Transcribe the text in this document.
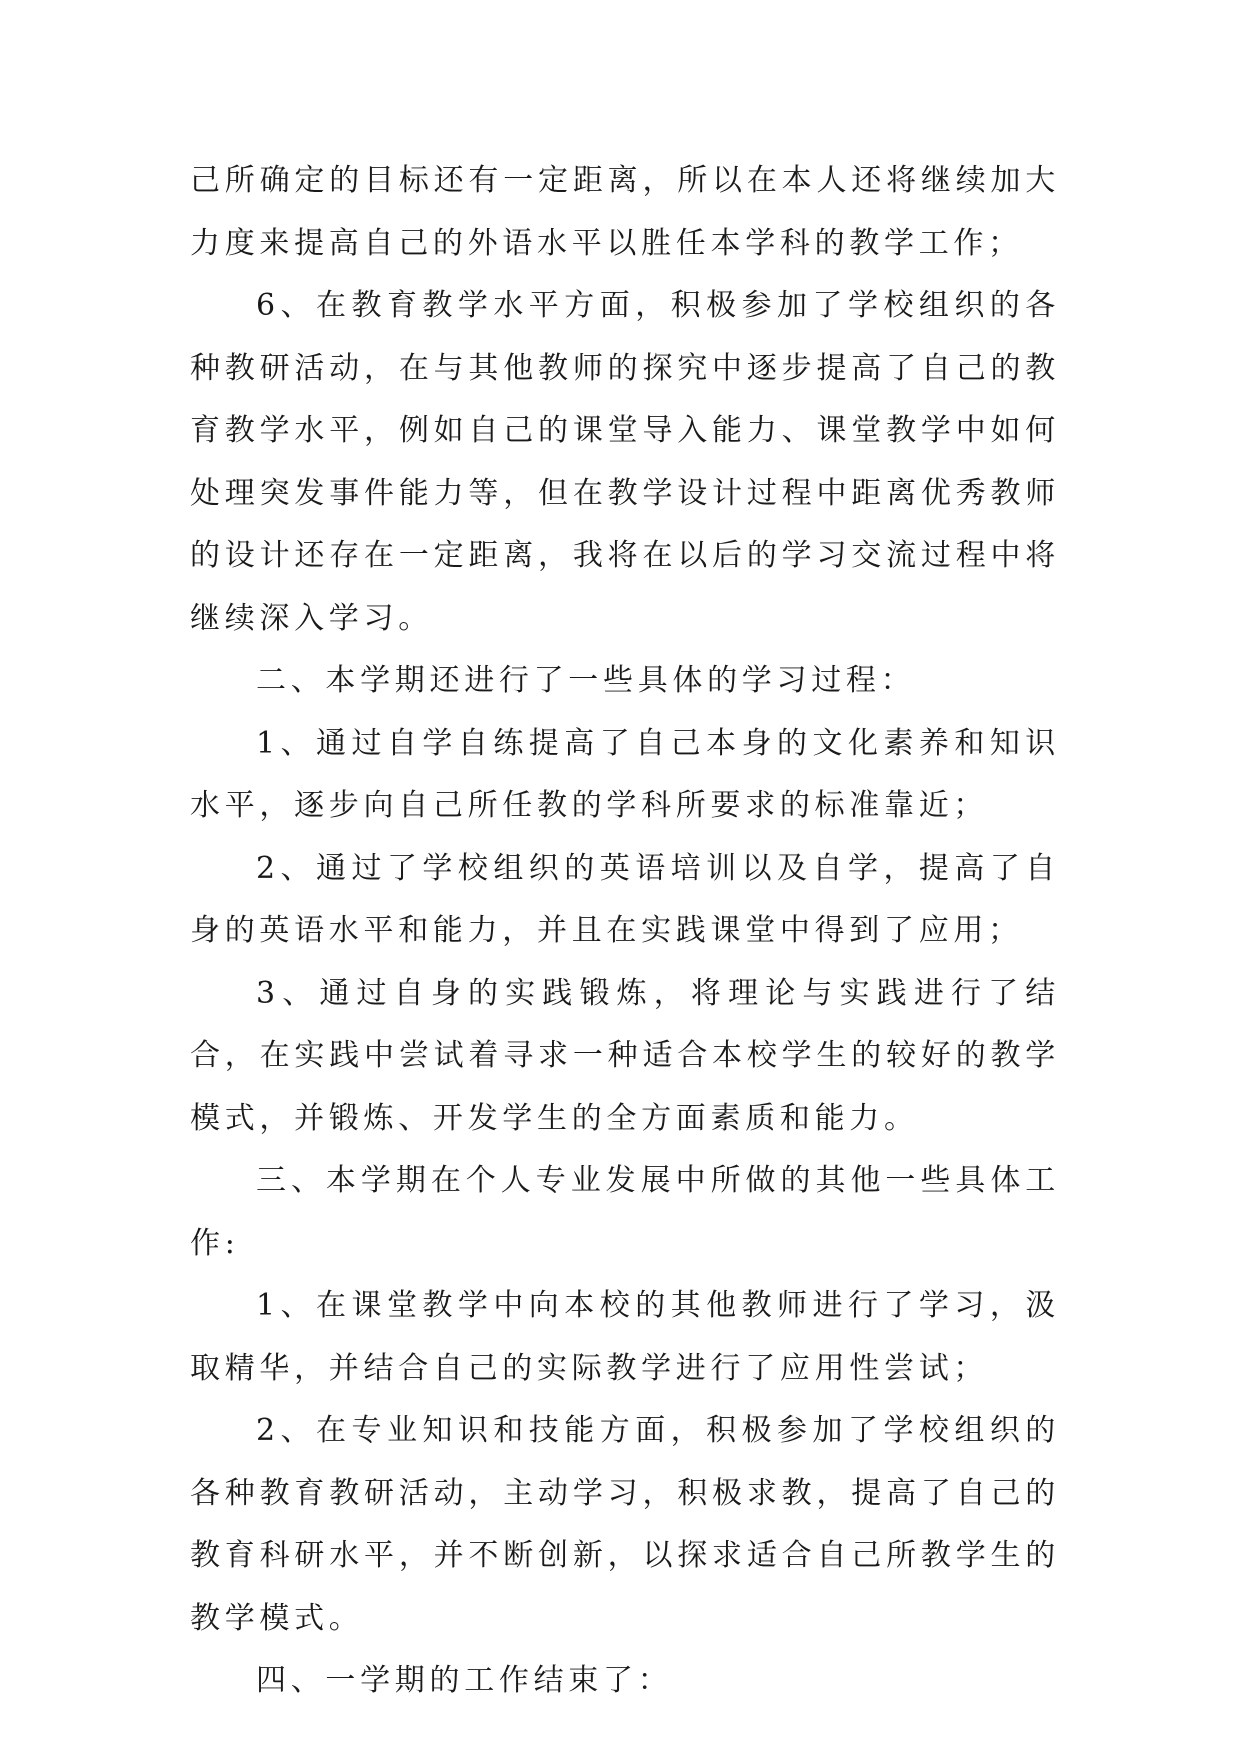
己所确定的目标还有一定距离，所以在本人还将继续加大力度来提高自己的外语水平以胜任本学科的教学工作；

6、在教育教学水平方面，积极参加了学校组织的各种教研活动，在与其他教师的探究中逐步提高了自己的教育教学水平，例如自己的课堂导入能力、课堂教学中如何处理突发事件能力等，但在教学设计过程中距离优秀教师的设计还存在一定距离，我将在以后的学习交流过程中将继续深入学习。

二、本学期还进行了一些具体的学习过程：

1、通过自学自练提高了自己本身的文化素养和知识水平，逐步向自己所任教的学科所要求的标准靠近；

2、通过了学校组织的英语培训以及自学，提高了自身的英语水平和能力，并且在实践课堂中得到了应用；

3、通过自身的实践锻炼，将理论与实践进行了结合，在实践中尝试着寻求一种适合本校学生的较好的教学模式，并锻炼、开发学生的全方面素质和能力。

三、本学期在个人专业发展中所做的其他一些具体工作:

1、在课堂教学中向本校的其他教师进行了学习，汲取精华，并结合自己的实际教学进行了应用性尝试；

2、在专业知识和技能方面，积极参加了学校组织的各种教育教研活动，主动学习，积极求教，提高了自己的教育科研水平，并不断创新，以探求适合自己所教学生的教学模式。

四、一学期的工作结束了：
